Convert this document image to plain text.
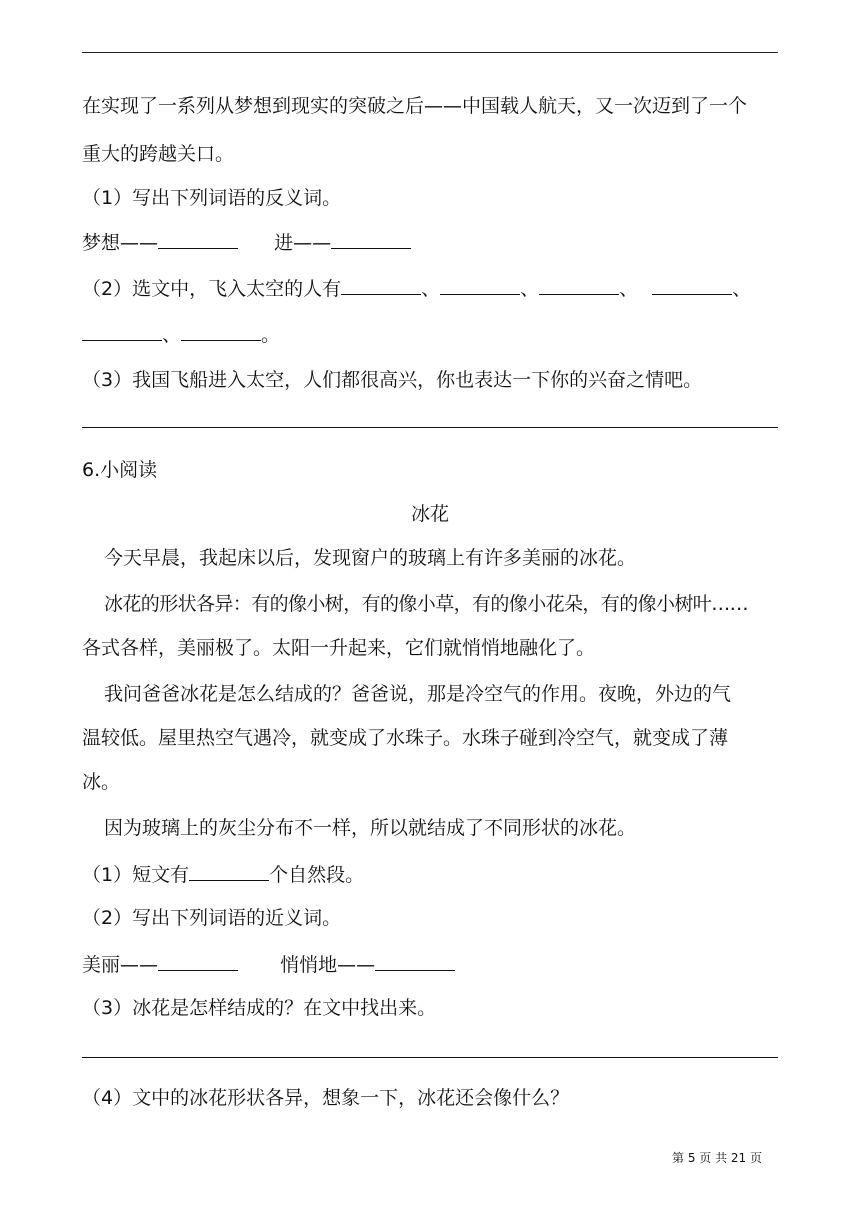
在实现了一系列从梦想到现实的突破之后——中国载人航天，又一次迈到了一个
重大的跨越关口。
（1）写出下列词语的反义词。
梦想——	进——
（2）选文中，飞入太空的人有	、	、	、	、
、	。
（3）我国飞船进入太空，人们都很高兴，你也表达一下你的兴奋之情吧。
6.小阅读
冰花
今天早晨，我起床以后，发现窗户的玻璃上有许多美丽的冰花。
冰花的形状各异：有的像小树，有的像小草，有的像小花朵，有的像小树叶……
各式各样，美丽极了。太阳一升起来，它们就悄悄地融化了。
我问爸爸冰花是怎么结成的？爸爸说，那是冷空气的作用。夜晚，外边的气
温较低。屋里热空气遇冷，就变成了水珠子。水珠子碰到冷空气，就变成了薄
冰。
因为玻璃上的灰尘分布不一样，所以就结成了不同形状的冰花。
（1）短文有	个自然段。
（2）写出下列词语的近义词。
美丽——	悄悄地——
（3）冰花是怎样结成的？在文中找出来。
（4）文中的冰花形状各异，想象一下，冰花还会像什么？
第 5 页 共 21 页
